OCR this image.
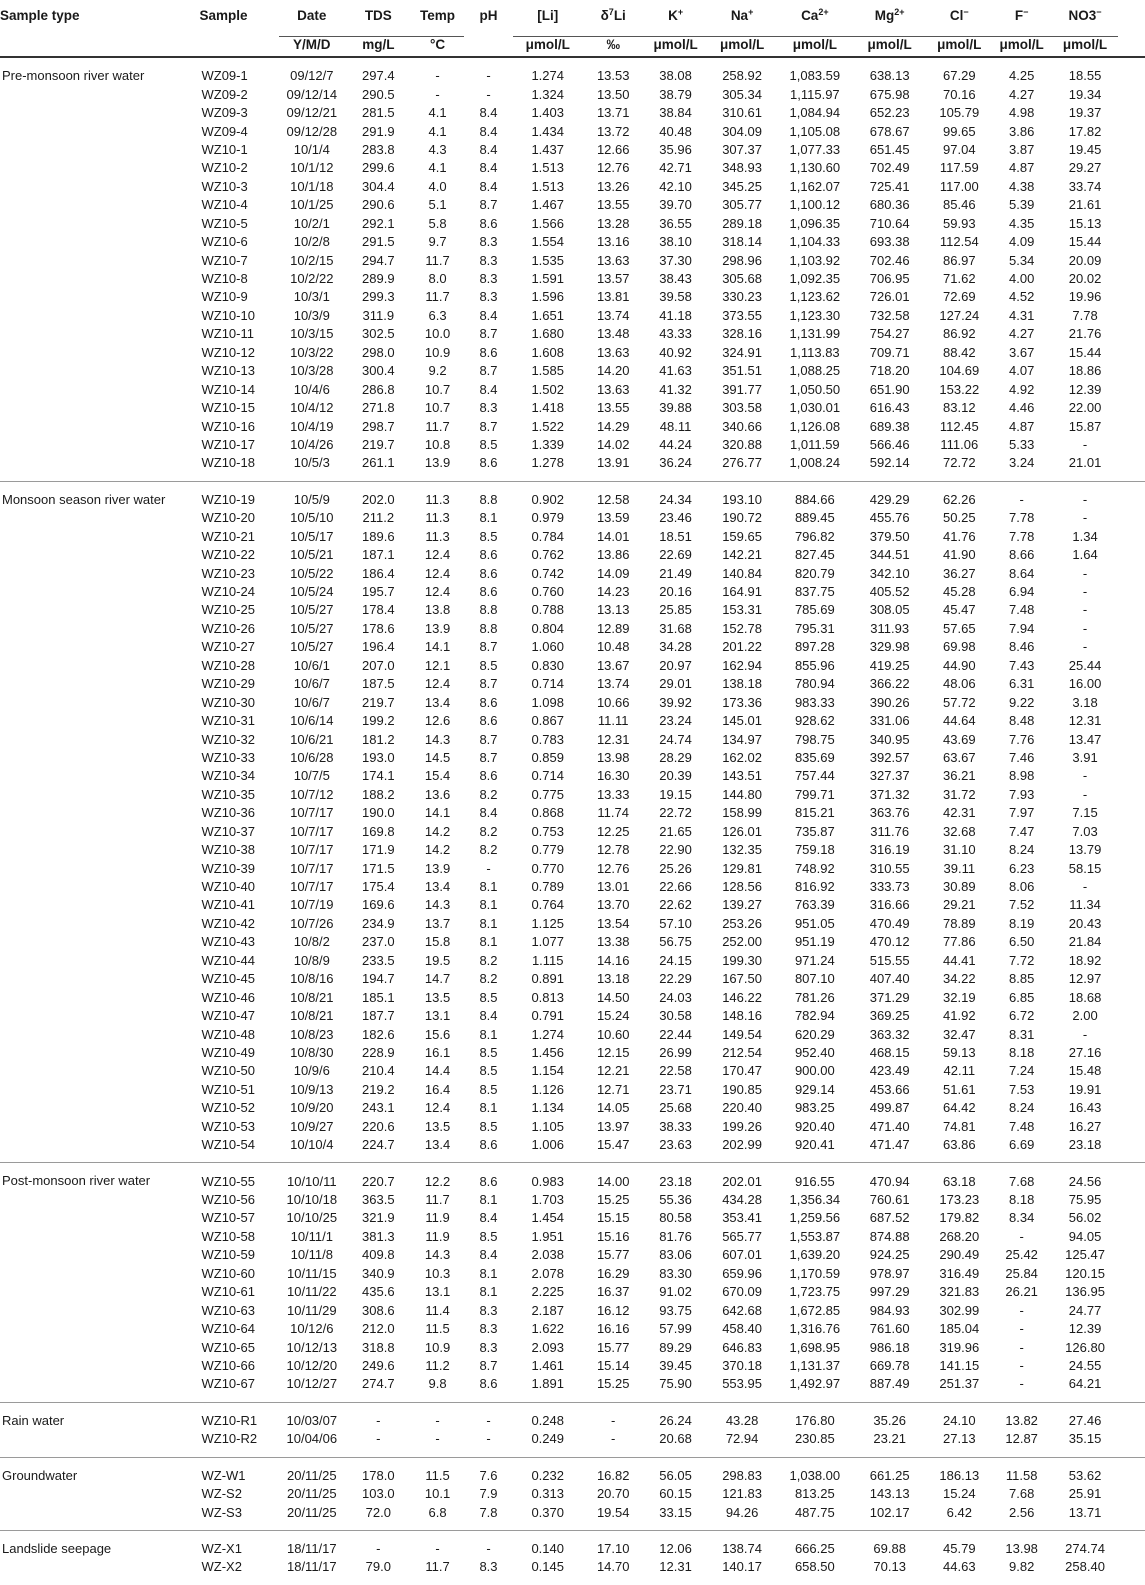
Sample type	Sample	Date	TDS	Temp	pH	[Li]	$\delta^7Li$	K+	Na+	$Ca^{2+}$	$Mg^{2+}$	Cl−	F−	NO3−	
		Y/M/D	mg/L	°C		μmol/L	‰	μmol/L	μmol/L	μmol/L	μmol/L	μmol/L	μmol/L	μmol/L	
Pre-monsoon river water	WZ09-1	09/12/7	297.4	-	-	1.274	13.53	38.08	258.92	1,083.59	638.13	67.29	4.25	18.55	
	WZ09-2	09/12/14	290.5	-	-	1.324	13.50	38.79	305.34	1,115.97	675.98	70.16	4.27	19.34	
	WZ09-3	09/12/21	281.5	4.1	8.4	1.403	13.71	38.84	310.61	1,084.94	652.23	105.79	4.98	19.37	
	WZ09-4	09/12/28	291.9	4.1	8.4	1.434	13.72	40.48	304.09	1,105.08	678.67	99.65	3.86	17.82	
	WZ10-1	10/1/4	283.8	4.3	8.4	1.437	12.66	35.96	307.37	1,077.33	651.45	97.04	3.87	19.45	
	WZ10-2	10/1/12	299.6	4.1	8.4	1.513	12.76	42.71	348.93	1,130.60	702.49	117.59	4.87	29.27	
	WZ10-3	10/1/18	304.4	4.0	8.4	1.513	13.26	42.10	345.25	1,162.07	725.41	117.00	4.38	33.74	
	WZ10-4	10/1/25	290.6	5.1	8.7	1.467	13.55	39.70	305.77	1,100.12	680.36	85.46	5.39	21.61	
	WZ10-5	10/2/1	292.1	5.8	8.6	1.566	13.28	36.55	289.18	1,096.35	710.64	59.93	4.35	15.13	
	WZ10-6	10/2/8	291.5	9.7	8.3	1.554	13.16	38.10	318.14	1,104.33	693.38	112.54	4.09	15.44	
	WZ10-7	10/2/15	294.7	11.7	8.3	1.535	13.63	37.30	298.96	1,103.92	702.46	86.97	5.34	20.09	
	WZ10-8	10/2/22	289.9	8.0	8.3	1.591	13.57	38.43	305.68	1,092.35	706.95	71.62	4.00	20.02	
	WZ10-9	10/3/1	299.3	11.7	8.3	1.596	13.81	39.58	330.23	1,123.62	726.01	72.69	4.52	19.96	
	WZ10-10	10/3/9	311.9	6.3	8.4	1.651	13.74	41.18	373.55	1,123.30	732.58	127.24	4.31	7.78	
	WZ10-11	10/3/15	302.5	10.0	8.7	1.680	13.48	43.33	328.16	1,131.99	754.27	86.92	4.27	21.76	
	WZ10-12	10/3/22	298.0	10.9	8.6	1.608	13.63	40.92	324.91	1,113.83	709.71	88.42	3.67	15.44	
	WZ10-13	10/3/28	300.4	9.2	8.7	1.585	14.20	41.63	351.51	1,088.25	718.20	104.69	4.07	18.86	
	WZ10-14	10/4/6	286.8	10.7	8.4	1.502	13.63	41.32	391.77	1,050.50	651.90	153.22	4.92	12.39	
	WZ10-15	10/4/12	271.8	10.7	8.3	1.418	13.55	39.88	303.58	1,030.01	616.43	83.12	4.46	22.00	
	WZ10-16	10/4/19	298.7	11.7	8.7	1.522	14.29	48.11	340.66	1,126.08	689.38	112.45	4.87	15.87	
	WZ10-17	10/4/26	219.7	10.8	8.5	1.339	14.02	44.24	320.88	1,011.59	566.46	111.06	5.33	-	
	WZ10-18	10/5/3	261.1	13.9	8.6	1.278	13.91	36.24	276.77	1,008.24	592.14	72.72	3.24	21.01	
Monsoon season river water	WZ10-19	10/5/9	202.0	11.3	8.8	0.902	12.58	24.34	193.10	884.66	429.29	62.26	-	-	
	WZ10-20	10/5/10	211.2	11.3	8.1	0.979	13.59	23.46	190.72	889.45	455.76	50.25	7.78	-	
	WZ10-21	10/5/17	189.6	11.3	8.5	0.784	14.01	18.51	159.65	796.82	379.50	41.76	7.78	1.34	
	WZ10-22	10/5/21	187.1	12.4	8.6	0.762	13.86	22.69	142.21	827.45	344.51	41.90	8.66	1.64	
	WZ10-23	10/5/22	186.4	12.4	8.6	0.742	14.09	21.49	140.84	820.79	342.10	36.27	8.64	-	
	WZ10-24	10/5/24	195.7	12.4	8.6	0.760	14.23	20.16	164.91	837.75	405.52	45.28	6.94	-	
	WZ10-25	10/5/27	178.4	13.8	8.8	0.788	13.13	25.85	153.31	785.69	308.05	45.47	7.48	-	
	WZ10-26	10/5/27	178.6	13.9	8.8	0.804	12.89	31.68	152.78	795.31	311.93	57.65	7.94	-	
	WZ10-27	10/5/27	196.4	14.1	8.7	1.060	10.48	34.28	201.22	897.28	329.98	69.98	8.46	-	
	WZ10-28	10/6/1	207.0	12.1	8.5	0.830	13.67	20.97	162.94	855.96	419.25	44.90	7.43	25.44	
	WZ10-29	10/6/7	187.5	12.4	8.7	0.714	13.74	29.01	138.18	780.94	366.22	48.06	6.31	16.00	
	WZ10-30	10/6/7	219.7	13.4	8.6	1.098	10.66	39.92	173.36	983.33	390.26	57.72	9.22	3.18	
	WZ10-31	10/6/14	199.2	12.6	8.6	0.867	11.11	23.24	145.01	928.62	331.06	44.64	8.48	12.31	
	WZ10-32	10/6/21	181.2	14.3	8.7	0.783	12.31	24.74	134.97	798.75	340.95	43.69	7.76	13.47	
	WZ10-33	10/6/28	193.0	14.5	8.7	0.859	13.98	28.29	162.02	835.69	392.57	63.67	7.46	3.91	
	WZ10-34	10/7/5	174.1	15.4	8.6	0.714	16.30	20.39	143.51	757.44	327.37	36.21	8.98	-	
	WZ10-35	10/7/12	188.2	13.6	8.2	0.775	13.33	19.15	144.80	799.71	371.32	31.72	7.93	-	
	WZ10-36	10/7/17	190.0	14.1	8.4	0.868	11.74	22.72	158.99	815.21	363.76	42.31	7.97	7.15	
	WZ10-37	10/7/17	169.8	14.2	8.2	0.753	12.25	21.65	126.01	735.87	311.76	32.68	7.47	7.03	
	WZ10-38	10/7/17	171.9	14.2	8.2	0.779	12.78	22.90	132.35	759.18	316.19	31.10	8.24	13.79	
	WZ10-39	10/7/17	171.5	13.9	-	0.770	12.76	25.26	129.81	748.92	310.55	39.11	6.23	58.15	
	WZ10-40	10/7/17	175.4	13.4	8.1	0.789	13.01	22.66	128.56	816.92	333.73	30.89	8.06	-	
	WZ10-41	10/7/19	169.6	14.3	8.1	0.764	13.70	22.62	139.27	763.39	316.66	29.21	7.52	11.34	
	WZ10-42	10/7/26	234.9	13.7	8.1	1.125	13.54	57.10	253.26	951.05	470.49	78.89	8.19	20.43	
	WZ10-43	10/8/2	237.0	15.8	8.1	1.077	13.38	56.75	252.00	951.19	470.12	77.86	6.50	21.84	
	WZ10-44	10/8/9	233.5	19.5	8.2	1.115	14.16	24.15	199.30	971.24	515.55	44.41	7.72	18.92	
	WZ10-45	10/8/16	194.7	14.7	8.2	0.891	13.18	22.29	167.50	807.10	407.40	34.22	8.85	12.97	
	WZ10-46	10/8/21	185.1	13.5	8.5	0.813	14.50	24.03	146.22	781.26	371.29	32.19	6.85	18.68	
	WZ10-47	10/8/21	187.7	13.1	8.4	0.791	15.24	30.58	148.16	782.94	369.25	41.92	6.72	2.00	
	WZ10-48	10/8/23	182.6	15.6	8.1	1.274	10.60	22.44	149.54	620.29	363.32	32.47	8.31	-	
	WZ10-49	10/8/30	228.9	16.1	8.5	1.456	12.15	26.99	212.54	952.40	468.15	59.13	8.18	27.16	
	WZ10-50	10/9/6	210.4	14.4	8.5	1.154	12.21	22.58	170.47	900.00	423.49	42.11	7.24	15.48	
	WZ10-51	10/9/13	219.2	16.4	8.5	1.126	12.71	23.71	190.85	929.14	453.66	51.61	7.53	19.91	
	WZ10-52	10/9/20	243.1	12.4	8.1	1.134	14.05	25.68	220.40	983.25	499.87	64.42	8.24	16.43	
	WZ10-53	10/9/27	220.6	13.5	8.5	1.105	13.97	38.33	199.26	920.40	471.40	74.81	7.48	16.27	
	WZ10-54	10/10/4	224.7	13.4	8.6	1.006	15.47	23.63	202.99	920.41	471.47	63.86	6.69	23.18	
Post-monsoon river water	WZ10-55	10/10/11	220.7	12.2	8.6	0.983	14.00	23.18	202.01	916.55	470.94	63.18	7.68	24.56	
	WZ10-56	10/10/18	363.5	11.7	8.1	1.703	15.25	55.36	434.28	1,356.34	760.61	173.23	8.18	75.95	
	WZ10-57	10/10/25	321.9	11.9	8.4	1.454	15.15	80.58	353.41	1,259.56	687.52	179.82	8.34	56.02	
	WZ10-58	10/11/1	381.3	11.9	8.5	1.951	15.16	81.76	565.77	1,553.87	874.88	268.20	-	94.05	
	WZ10-59	10/11/8	409.8	14.3	8.4	2.038	15.77	83.06	607.01	1,639.20	924.25	290.49	25.42	125.47	
	WZ10-60	10/11/15	340.9	10.3	8.1	2.078	16.29	83.30	659.96	1,170.59	978.97	316.49	25.84	120.15	
	WZ10-61	10/11/22	435.6	13.1	8.1	2.225	16.37	91.02	670.09	1,723.75	997.29	321.83	26.21	136.95	
	WZ10-63	10/11/29	308.6	11.4	8.3	2.187	16.12	93.75	642.68	1,672.85	984.93	302.99	-	24.77	
	WZ10-64	10/12/6	212.0	11.5	8.3	1.622	16.16	57.99	458.40	1,316.76	761.60	185.04	-	12.39	
	WZ10-65	10/12/13	318.8	10.9	8.3	2.093	15.77	89.29	646.83	1,698.95	986.18	319.96	-	126.80	
	WZ10-66	10/12/20	249.6	11.2	8.7	1.461	15.14	39.45	370.18	1,131.37	669.78	141.15	-	24.55	
	WZ10-67	10/12/27	274.7	9.8	8.6	1.891	15.25	75.90	553.95	1,492.97	887.49	251.37	-	64.21	
Rain water	WZ10-R1	10/03/07	-	-	-	0.248	-	26.24	43.28	176.80	35.26	24.10	13.82	27.46	
	WZ10-R2	10/04/06	-	-	-	0.249	-	20.68	72.94	230.85	23.21	27.13	12.87	35.15	
Groundwater	WZ-W1	20/11/25	178.0	11.5	7.6	0.232	16.82	56.05	298.83	1,038.00	661.25	186.13	11.58	53.62	
	WZ-S2	20/11/25	103.0	10.1	7.9	0.313	20.70	60.15	121.83	813.25	143.13	15.24	7.68	25.91	
	WZ-S3	20/11/25	72.0	6.8	7.8	0.370	19.54	33.15	94.26	487.75	102.17	6.42	2.56	13.71	
Landslide seepage	WZ-X1	18/11/17	-	-	-	0.140	17.10	12.06	138.74	666.25	69.88	45.79	13.98	274.74	
	WZ-X2	18/11/17	79.0	11.7	8.3	0.145	14.70	12.31	140.17	658.50	70.13	44.63	9.82	258.40	
